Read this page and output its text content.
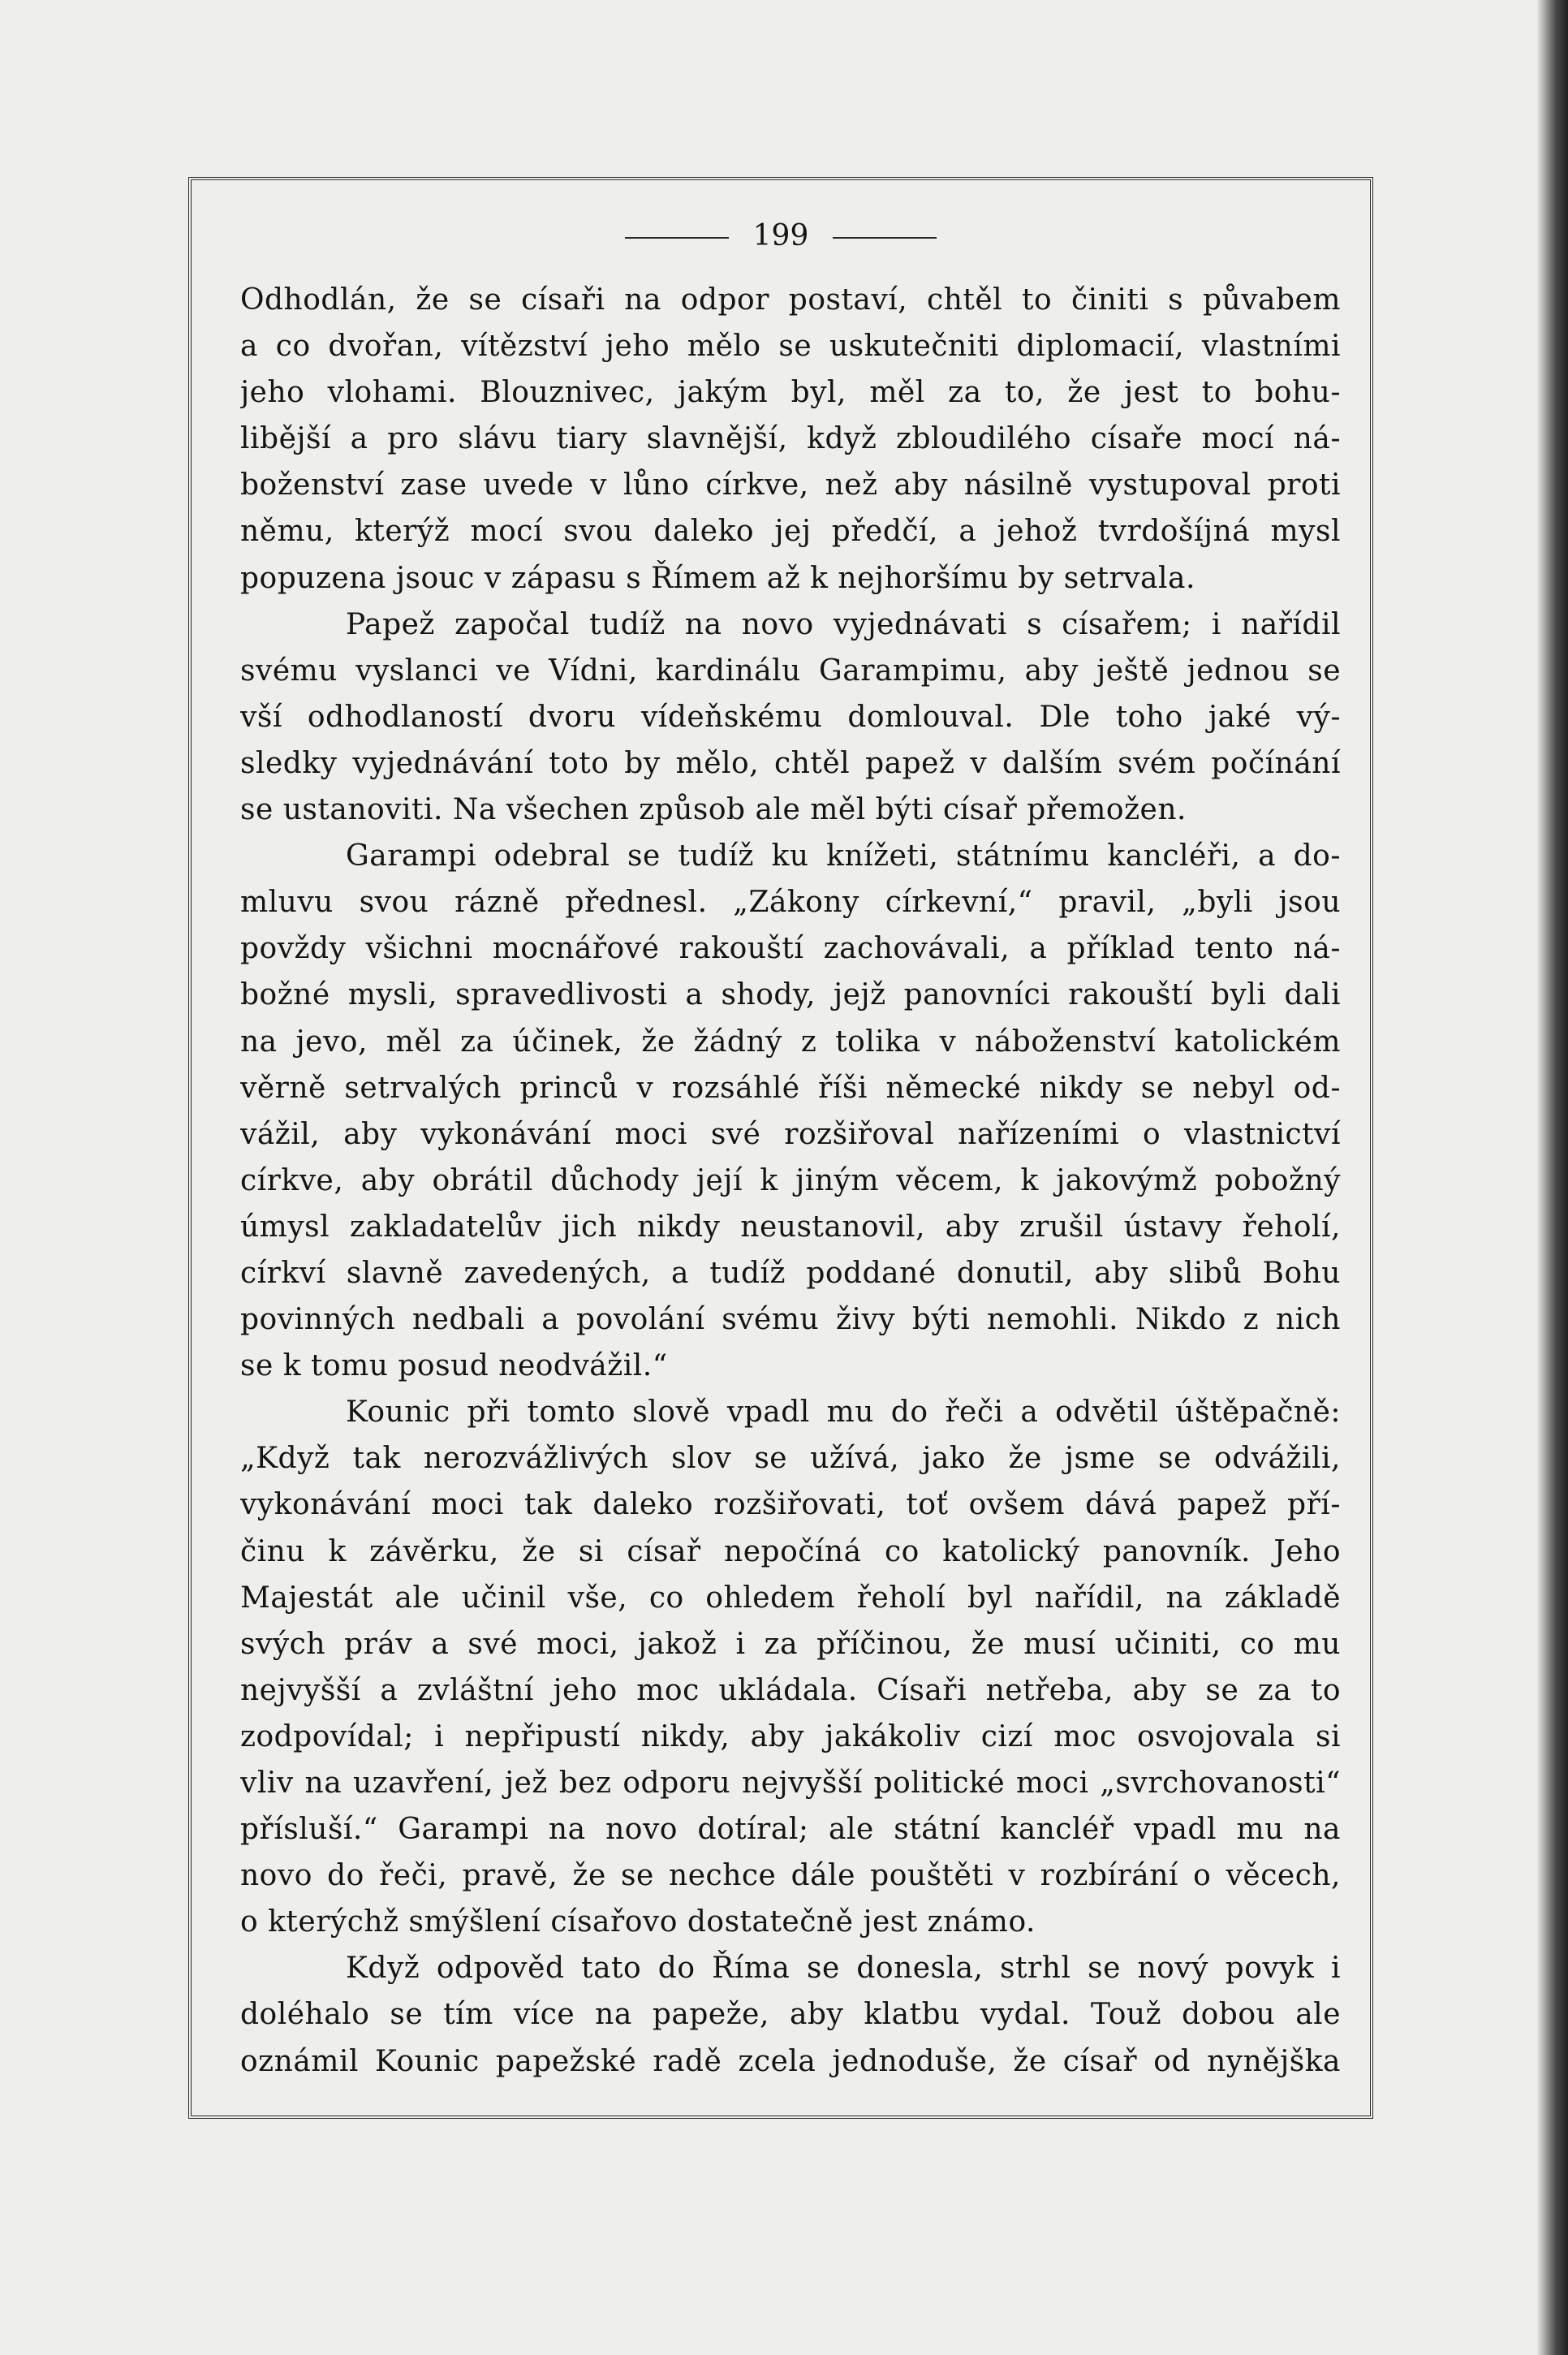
199
Odhodlán, že se císaři na odpor postaví, chtěl to činiti s půvabem
a co dvořan, vítězství jeho mělo se uskutečniti diplomacií, vlastními
jeho vlohami. Blouznivec, jakým byl, měl za to, že jest to bohu-
libější a pro slávu tiary slavnější, když zbloudilého císaře mocí ná-
boženství zase uvede v lůno církve, než aby násilně vystupoval proti
němu, kterýž mocí svou daleko jej předčí, a jehož tvrdošíjná mysl
popuzena jsouc v zápasu s Římem až k nejhoršímu by setrvala.
Papež započal tudíž na novo vyjednávati s císařem; i nařídil
svému vyslanci ve Vídni, kardinálu Garampimu, aby ještě jednou se
vší odhodlaností dvoru vídeňskému domlouval. Dle toho jaké vý-
sledky vyjednávání toto by mělo, chtěl papež v dalším svém počínání
se ustanoviti. Na všechen způsob ale měl býti císař přemožen.
Garampi odebral se tudíž ku knížeti, státnímu kancléři, a do-
mluvu svou rázně přednesl. „Zákony církevní,“ pravil, „byli jsou
povždy všichni mocnářové rakouští zachovávali, a příklad tento ná-
božné mysli, spravedlivosti a shody, jejž panovníci rakouští byli dali
na jevo, měl za účinek, že žádný z tolika v náboženství katolickém
věrně setrvalých princů v rozsáhlé říši německé nikdy se nebyl od-
vážil, aby vykonávání moci své rozšiřoval nařízeními o vlastnictví
církve, aby obrátil důchody její k jiným věcem, k jakovýmž pobožný
úmysl zakladatelův jich nikdy neustanovil, aby zrušil ústavy řeholí,
církví slavně zavedených, a tudíž poddané donutil, aby slibů Bohu
povinných nedbali a povolání svému živy býti nemohli. Nikdo z nich
se k tomu posud neodvážil.“
Kounic při tomto slově vpadl mu do řeči a odvětil úštěpačně:
„Když tak nerozvážlivých slov se užívá, jako že jsme se odvážili,
vykonávání moci tak daleko rozšiřovati, toť ovšem dává papež pří-
činu k závěrku, že si císař nepočíná co katolický panovník. Jeho
Majestát ale učinil vše, co ohledem řeholí byl nařídil, na základě
svých práv a své moci, jakož i za příčinou, že musí učiniti, co mu
nejvyšší a zvláštní jeho moc ukládala. Císaři netřeba, aby se za to
zodpovídal; i nepřipustí nikdy, aby jakákoliv cizí moc osvojovala si
vliv na uzavření, jež bez odporu nejvyšší politické moci „svrchovanosti“
přísluší.“ Garampi na novo dotíral; ale státní kancléř vpadl mu na
novo do řeči, pravě, že se nechce dále pouštěti v rozbírání o věcech,
o kterýchž smýšlení císařovo dostatečně jest známo.
Když odpověd tato do Říma se donesla, strhl se nový povyk i
doléhalo se tím více na papeže, aby klatbu vydal. Touž dobou ale
oznámil Kounic papežské radě zcela jednoduše, že císař od nynějška
